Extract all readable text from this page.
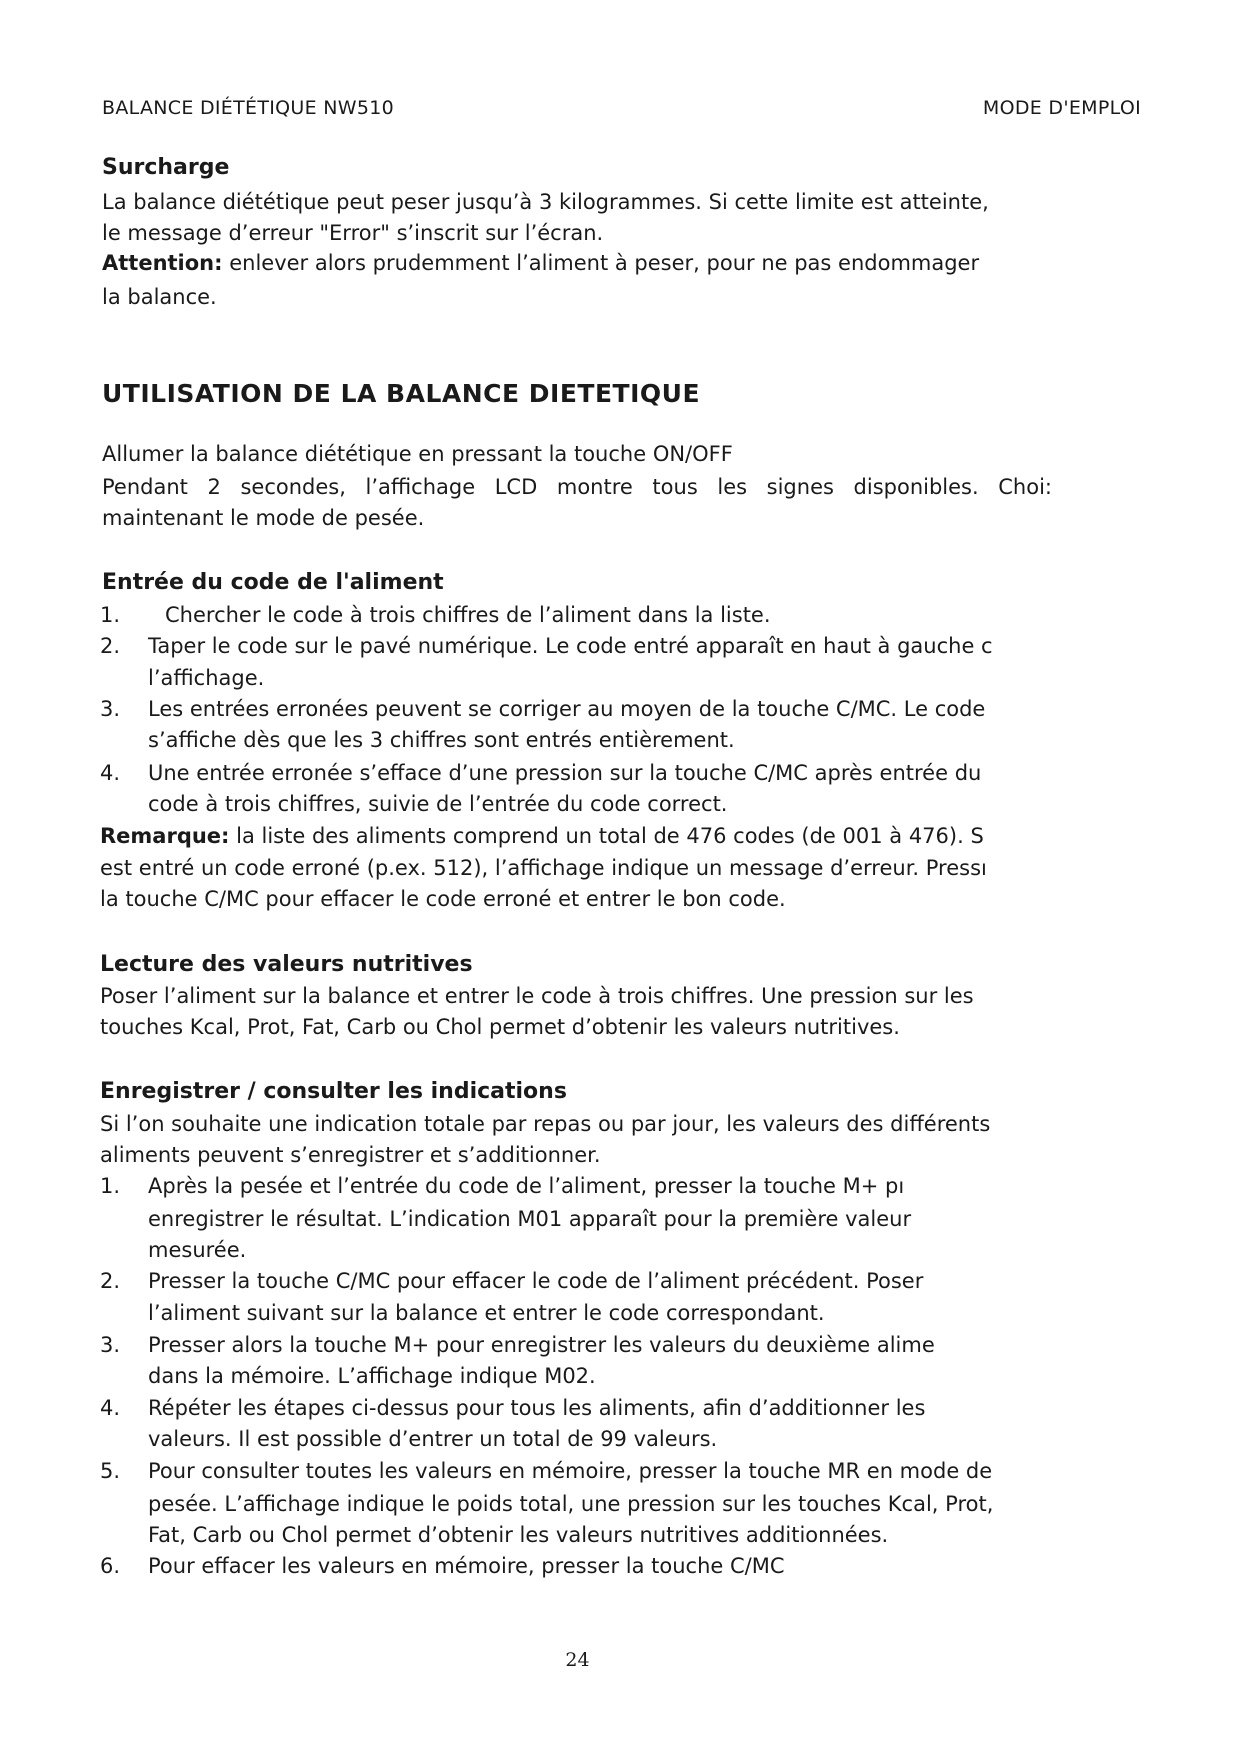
BALANCE DIÉTÉTIQUE NW510	MODE D'EMPLOI
Surcharge
La balance diététique peut peser jusqu’à 3 kilogrammes. Si cette limite est atteinte,
le message d’erreur "Error" s’inscrit sur l’écran.
Attention: enlever alors prudemment l’aliment à peser, pour ne pas endommager
la balance.
UTILISATION DE LA BALANCE DIETETIQUE
Allumer la balance diététique en pressant la touche ON/OFF
Pendant 2 secondes, l’affichage LCD montre tous les signes disponibles. Choi:
maintenant le mode de pesée.
Entrée du code de l'aliment
1. Chercher le code à trois chiffres de l’aliment dans la liste.
2. Taper le code sur le pavé numérique. Le code entré apparaît en haut à gauche c
l’affichage.
3. Les entrées erronées peuvent se corriger au moyen de la touche C/MC. Le code
s’affiche dès que les 3 chiffres sont entrés entièrement.
4. Une entrée erronée s’efface d’une pression sur la touche C/MC après entrée du
code à trois chiffres, suivie de l’entrée du code correct.
Remarque: la liste des aliments comprend un total de 476 codes (de 001 à 476). S
est entré un code erroné (p.ex. 512), l’affichage indique un message d’erreur. Pressı
la touche C/MC pour effacer le code erroné et entrer le bon code.
Lecture des valeurs nutritives
Poser l’aliment sur la balance et entrer le code à trois chiffres. Une pression sur les
touches Kcal, Prot, Fat, Carb ou Chol permet d’obtenir les valeurs nutritives.
Enregistrer / consulter les indications
Si l’on souhaite une indication totale par repas ou par jour, les valeurs des différents
aliments peuvent s’enregistrer et s’additionner.
1. Après la pesée et l’entrée du code de l’aliment, presser la touche M+ pı
enregistrer le résultat. L’indication M01 apparaît pour la première valeur
mesurée.
2. Presser la touche C/MC pour effacer le code de l’aliment précédent. Poser
l’aliment suivant sur la balance et entrer le code correspondant.
3. Presser alors la touche M+ pour enregistrer les valeurs du deuxième alime
dans la mémoire. L’affichage indique M02.
4. Répéter les étapes ci-dessus pour tous les aliments, afin d’additionner les
valeurs. Il est possible d’entrer un total de 99 valeurs.
5. Pour consulter toutes les valeurs en mémoire, presser la touche MR en mode de
pesée. L’affichage indique le poids total, une pression sur les touches Kcal, Prot,
Fat, Carb ou Chol permet d’obtenir les valeurs nutritives additionnées.
6. Pour effacer les valeurs en mémoire, presser la touche C/MC
24
